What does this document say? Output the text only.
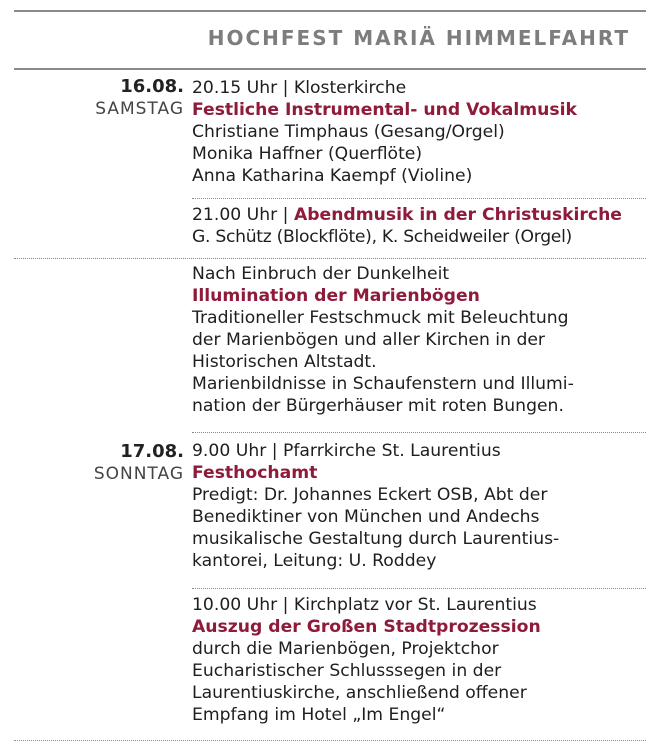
HOCHFEST MARIÄ HIMMELFAHRT
16.08.
SAMSTAG
20.15 Uhr | Klosterkirche
Festliche Instrumental- und Vokalmusik
Christiane Timphaus (Gesang/Orgel)
Monika Haffner (Querflöte)
Anna Katharina Kaempf (Violine)
21.00 Uhr | Abendmusik in der Christuskirche
G. Schütz (Blockflöte), K. Scheidweiler (Orgel)
Nach Einbruch der Dunkelheit
Illumination der Marienbögen
Traditioneller Festschmuck mit Beleuchtung
der Marienbögen und aller Kirchen in der
Historischen Altstadt.
Marienbildnisse in Schaufenstern und Illumi-
nation der Bürgerhäuser mit roten Bungen.
17.08.
SONNTAG
9.00 Uhr | Pfarrkirche St. Laurentius
Festhochamt
Predigt: Dr. Johannes Eckert OSB, Abt der
Benediktiner von München und Andechs
musikalische Gestaltung durch Laurentius-
kantorei, Leitung: U. Roddey
10.00 Uhr | Kirchplatz vor St. Laurentius
Auszug der Großen Stadtprozession
durch die Marienbögen, Projektchor
Eucharistischer Schlusssegen in der
Laurentiuskirche, anschließend offener
Empfang im Hotel „Im Engel“
